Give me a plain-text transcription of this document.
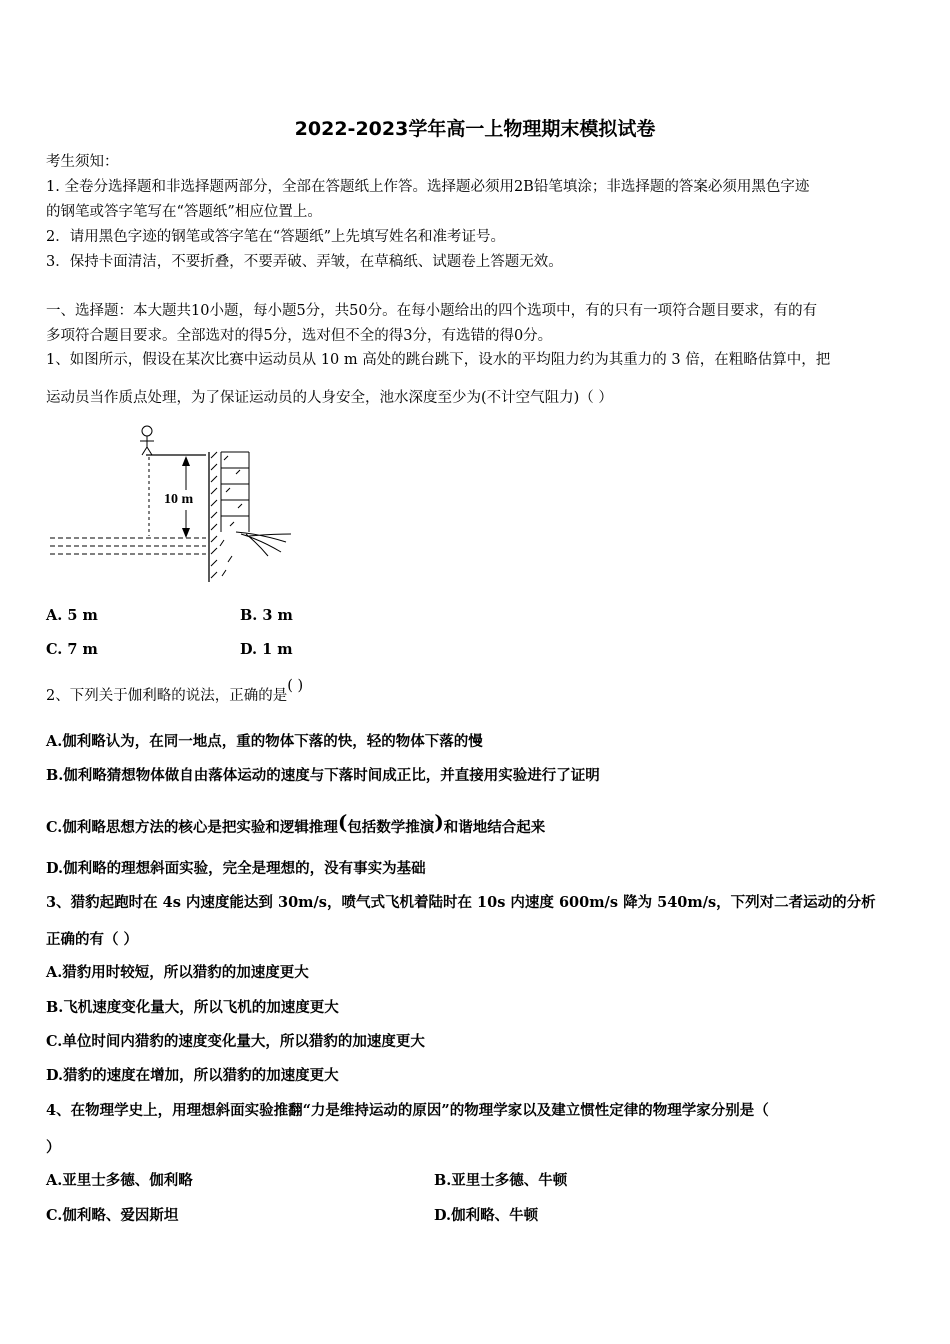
2022-2023学年高一上物理期末模拟试卷
考生须知：
1. 全卷分选择题和非选择题两部分，全部在答题纸上作答。选择题必须用2B铅笔填涂；非选择题的答案必须用黑色字迹
的钢笔或答字笔写在“答题纸”相应位置上。
2．请用黑色字迹的钢笔或答字笔在“答题纸”上先填写姓名和准考证号。
3．保持卡面清洁，不要折叠，不要弄破、弄皱，在草稿纸、试题卷上答题无效。
一、选择题：本大题共10小题，每小题5分，共50分。在每小题给出的四个选项中，有的只有一项符合题目要求，有的有
多项符合题目要求。全部选对的得5分，选对但不全的得3分，有选错的得0分。
1、如图所示，假设在某次比赛中运动员从 10 m 高处的跳台跳下，设水的平均阻力约为其重力的 3 倍，在粗略估算中，把
运动员当作质点处理，为了保证运动员的人身安全，池水深度至少为(不计空气阻力)（ ）
10 m
A. 5 m	B. 3 m
C. 7 m	D. 1 m
2、下列关于伽利略的说法，正确的是( )
A.伽利略认为，在同一地点，重的物体下落的快，轻的物体下落的慢
B.伽利略猜想物体做自由落体运动的速度与下落时间成正比，并直接用实验进行了证明
C.伽利略思想方法的核心是把实验和逻辑推理(包括数学推演)和谐地结合起来
D.伽利略的理想斜面实验，完全是理想的，没有事实为基础
3、猎豹起跑时在 4s 内速度能达到 30m/s，喷气式飞机着陆时在 10s 内速度 600m/s 降为 540m/s，下列对二者运动的分析
正确的有（ ）
A.猎豹用时较短，所以猎豹的加速度更大
B.飞机速度变化量大，所以飞机的加速度更大
C.单位时间内猎豹的速度变化量大，所以猎豹的加速度更大
D.猎豹的速度在增加，所以猎豹的加速度更大
4、在物理学史上，用理想斜面实验推翻“力是维持运动的原因”的物理学家以及建立惯性定律的物理学家分别是（
）
A.亚里士多德、伽利略	B.亚里士多德、牛顿
C.伽利略、爱因斯坦	D.伽利略、牛顿
